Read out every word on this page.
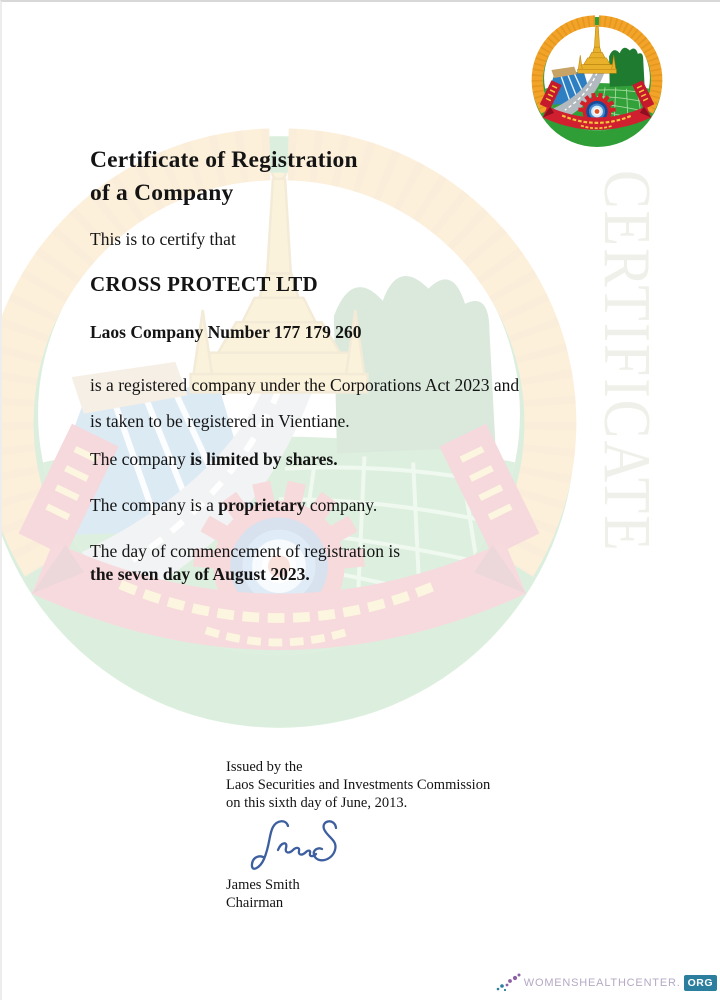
CERTIFICATE
Certificate of Registration
of a Company
This is to certify that
CROSS PROTECT LTD
Laos Company Number 177 179 260
is a registered company under the Corporations Act 2023 and
is taken to be registered in Vientiane.
The company is limited by shares.
The company is a proprietary company.
The day of commencement of registration is
the seven day of August 2023.
Issued by the
Laos Securities and Investments Commission
on this sixth day of June, 2013.
James Smith
Chairman
WOMENSHEALTHCENTER. ORG
